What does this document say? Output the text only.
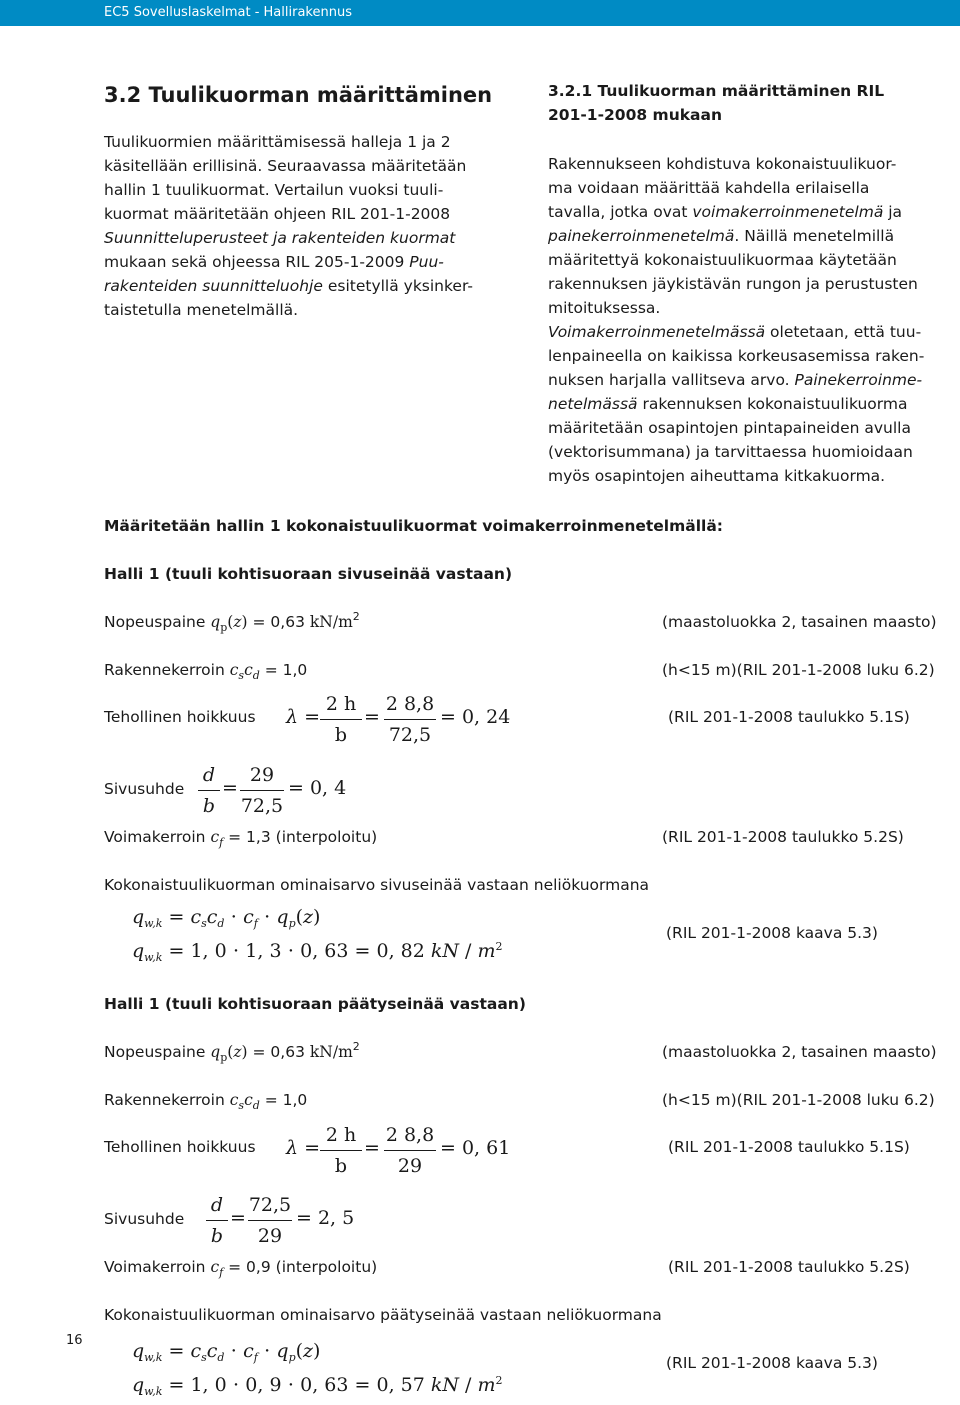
EC5 Sovelluslaskelmat - Hallirakennus
3.2 Tuulikuorman määrittäminen
Tuulikuormien määrittämisessä halleja 1 ja 2
käsitellään erillisinä. Seuraavassa määritetään
hallin 1 tuulikuormat. Vertailun vuoksi tuuli-
kuormat määritetään ohjeen RIL 201-1-2008
Suunnitteluperusteet ja rakenteiden kuormat
mukaan sekä ohjeessa RIL 205-1-2009 Puu-
rakenteiden suunnitteluohje esitetyllä yksinker-
taistetulla menetelmällä.
3.2.1 Tuulikuorman määrittäminen RIL
201-1-2008 mukaan
Rakennukseen kohdistuva kokonaistuulikuor-
ma voidaan määrittää kahdella erilaisella
tavalla, jotka ovat voimakerroinmenetelmä ja
painekerroinmenetelmä. Näillä menetelmillä
määritettyä kokonaistuulikuormaa käytetään
rakennuksen jäykistävän rungon ja perustusten
mitoituksessa.
Voimakerroinmenetelmässä oletetaan, että tuu-
lenpaineella on kaikissa korkeusasemissa raken-
nuksen harjalla vallitseva arvo. Painekerroinme-
netelmässä rakennuksen kokonaistuulikuorma
määritetään osapintojen pintapaineiden avulla
(vektorisummana) ja tarvittaessa huomioidaan
myös osapintojen aiheuttama kitkakuorma.
Määritetään hallin 1 kokonaistuulikuormat voimakerroinmenetelmällä:
Halli 1 (tuuli kohtisuoraan sivuseinää vastaan)
Nopeuspaine $q_p(z) = 0,63$ $kN/m^2$	(maastoluokka 2, tasainen maasto)
Rakennekerroin $c_sc_d = 1,0$	(h<15 m)(RIL 201-1-2008 luku 6.2)
Tehollinen hoikkuus λ =
2 h
b
=
2 8,8
72,5
= 0, 24	(RIL 201-1-2008 taulukko 5.1S)
Sivusuhde
d
b
=
29
72,5
= 0, 4
Voimakerroin $c_f = 1,3$ (interpoloitu)	(RIL 201-1-2008 taulukko 5.2S)
Kokonaistuulikuorman ominaisarvo sivuseinää vastaan neliökuormana
$q_{w,k} = c_sc_d \cdot c_f \cdot q_p(z)$
$q_{w,k} = 1$, 0 ⋅ 1, 3 ⋅ 0, 63 = 0, 82 kN / $m^2$
(RIL 201-1-2008 kaava 5.3)
Halli 1 (tuuli kohtisuoraan päätyseinää vastaan)
Nopeuspaine $q_p(z) = 0,63$ $kN/m^2$	(maastoluokka 2, tasainen maasto)
Rakennekerroin $c_sc_d = 1,0$	(h<15 m)(RIL 201-1-2008 luku 6.2)
Tehollinen hoikkuus λ =
2 h
b
=
2 8,8
29
= 0, 61	(RIL 201-1-2008 taulukko 5.1S)
Sivusuhde
d
b
=
72,5
29
= 2, 5
Voimakerroin $c_f = 0,9$ (interpoloitu)	(RIL 201-1-2008 taulukko 5.2S)
Kokonaistuulikuorman ominaisarvo päätyseinää vastaan neliökuormana
$q_{w,k} = c_sc_d \cdot c_f \cdot q_p(z)$
$q_{w,k} = 1$, 0 ⋅ 0, 9 ⋅ 0, 63 = 0, 57 kN / $m^2$
(RIL 201-1-2008 kaava 5.3)
16
